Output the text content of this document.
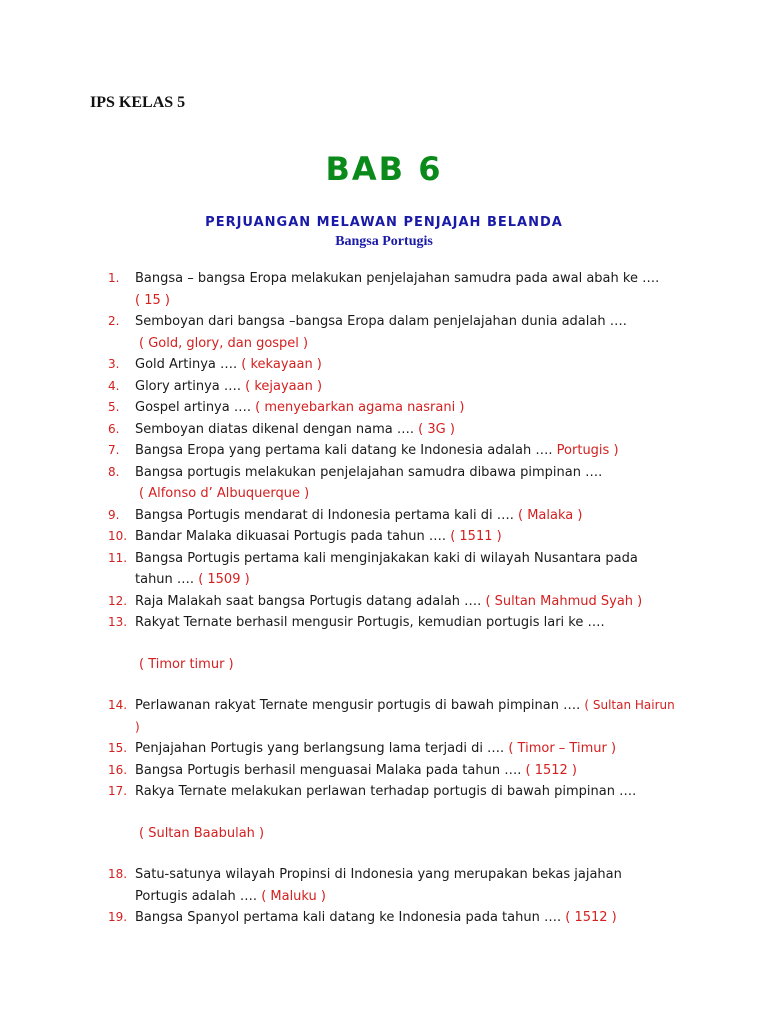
IPS KELAS 5
BAB 6
PERJUANGAN MELAWAN PENJAJAH BELANDA
Bangsa Portugis
1. Bangsa – bangsa Eropa melakukan penjelajahan samudra pada awal abah ke ….
( 15 )
2. Semboyan dari bangsa –bangsa Eropa dalam penjelajahan dunia adalah ….

( Gold, glory, dan gospel )
3. Gold Artinya …. ( kekayaan )
4. Glory artinya …. ( kejayaan )
5. Gospel artinya …. ( menyebarkan agama nasrani )
6. Semboyan diatas dikenal dengan nama …. ( 3G )
7. Bangsa Eropa yang pertama kali datang ke Indonesia adalah …. Portugis )
8. Bangsa portugis melakukan penjelajahan samudra dibawa pimpinan ….

( Alfonso d’ Albuquerque )
9. Bangsa Portugis mendarat di Indonesia pertama kali di …. ( Malaka )
10. Bandar Malaka dikuasai Portugis pada tahun …. ( 1511 )
11. Bangsa Portugis pertama kali menginjakakan kaki di wilayah Nusantara pada tahun …. ( 1509 )
12. Raja Malakah saat bangsa Portugis datang adalah …. ( Sultan Mahmud Syah )
13. Rakyat Ternate berhasil mengusir Portugis, kemudian portugis lari ke ….
( Timor timur )
14. Perlawanan rakyat Ternate mengusir portugis di bawah pimpinan …. ( Sultan Hairun )
15. Penjajahan Portugis yang berlangsung lama terjadi di …. ( Timor – Timur )
16. Bangsa Portugis berhasil menguasai Malaka pada tahun …. ( 1512 )
17. Rakya Ternate melakukan perlawan terhadap portugis di bawah pimpinan ….
( Sultan Baabulah )
18. Satu-satunya wilayah Propinsi di Indonesia yang merupakan bekas jajahan Portugis adalah …. ( Maluku )
19. Bangsa Spanyol pertama kali datang ke Indonesia pada tahun …. ( 1512 )
